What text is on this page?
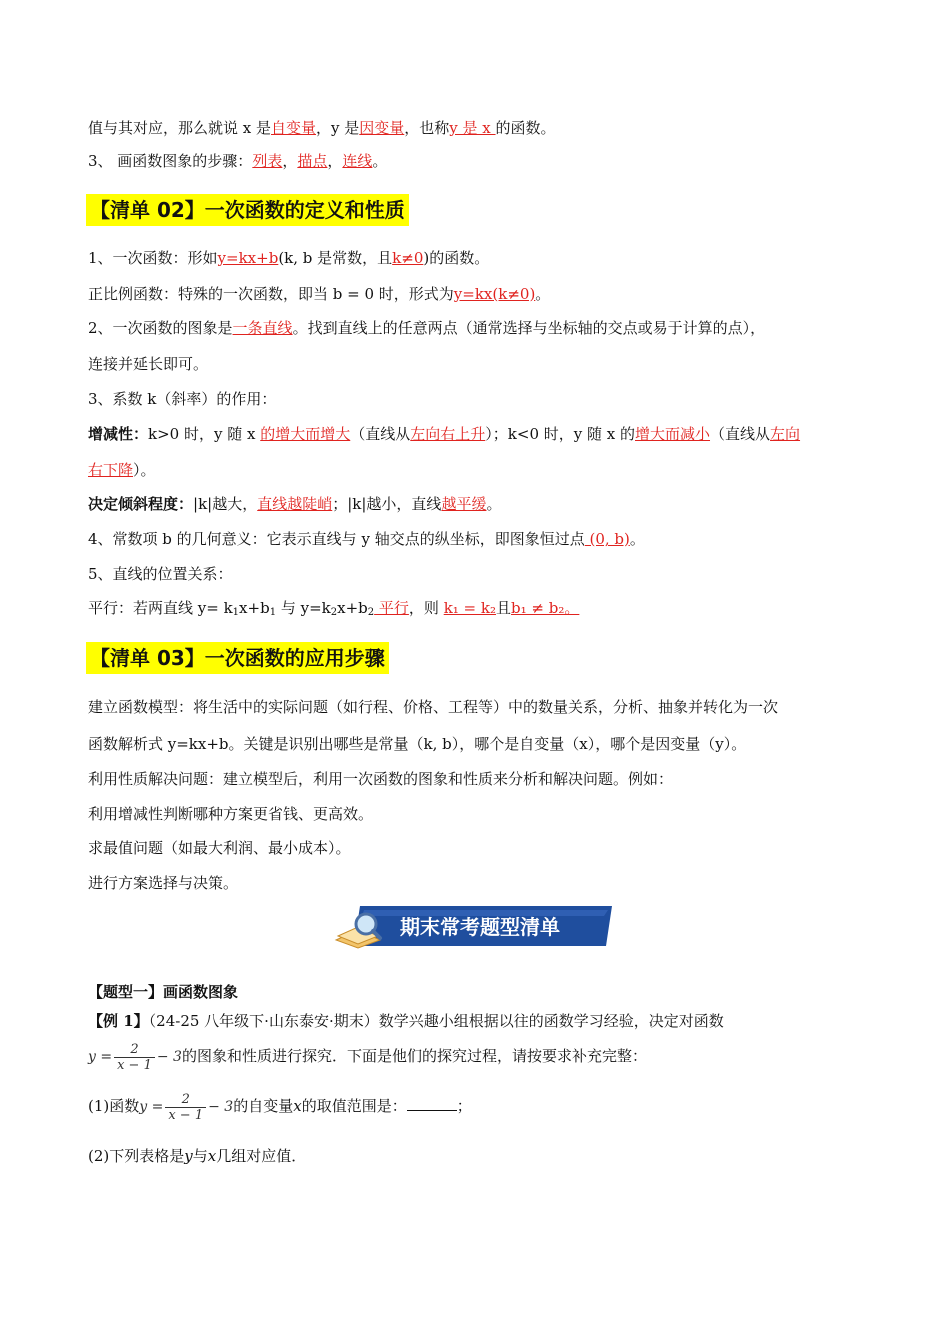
值与其对应，那么就说 x 是自变量，y 是因变量，也称y 是 x 的函数。
3、 画函数图象的步骤：列表，描点，连线。
【清单 02】一次函数的定义和性质
1、一次函数：形如y=kx+b(k, b 是常数，且k≠0)的函数。
正比例函数：特殊的一次函数，即当 b = 0 时，形式为y=kx(k≠0)。
2、一次函数的图象是一条直线。找到直线上的任意两点（通常选择与坐标轴的交点或易于计算的点），
连接并延长即可。
3、系数 k（斜率）的作用：
增减性：k>0 时，y 随 x 的增大而增大（直线从左向右上升）；k<0 时，y 随 x 的增大而减小（直线从左向
右下降）。
决定倾斜程度：|k|越大，直线越陡峭；|k|越小，直线越平缓。
4、常数项 b 的几何意义：它表示直线与 y 轴交点的纵坐标，即图象恒过点 (0, b)。
5、直线的位置关系：
平行：若两直线 $y= k_1x+b_1$ 与 $y=k_2x+b_2$ 平行，则 k₁ = k₂且b₁ ≠ b₂。
【清单 03】一次函数的应用步骤
建立函数模型：将生活中的实际问题（如行程、价格、工程等）中的数量关系，分析、抽象并转化为一次
函数解析式 y=kx+b。关键是识别出哪些是常量（k, b），哪个是自变量（x），哪个是因变量（y）。
利用性质解决问题：建立模型后，利用一次函数的图象和性质来分析和解决问题。例如：
利用增减性判断哪种方案更省钱、更高效。
求最值问题（如最大利润、最小成本）。
进行方案选择与决策。
期末常考题型清单
【题型一】画函数图象
【例 1】（24-25 八年级下·山东泰安·期末）数学兴趣小组根据以往的函数学习经验，决定对函数
$y = \frac{2}{x - 1} - 3$的图象和性质进行探究．下面是他们的探究过程，请按要求补充完整：
(1)函数$y = \frac{2}{x - 1} - 3$的自变量x的取值范围是：	；
(2)下列表格是y与x几组对应值．
